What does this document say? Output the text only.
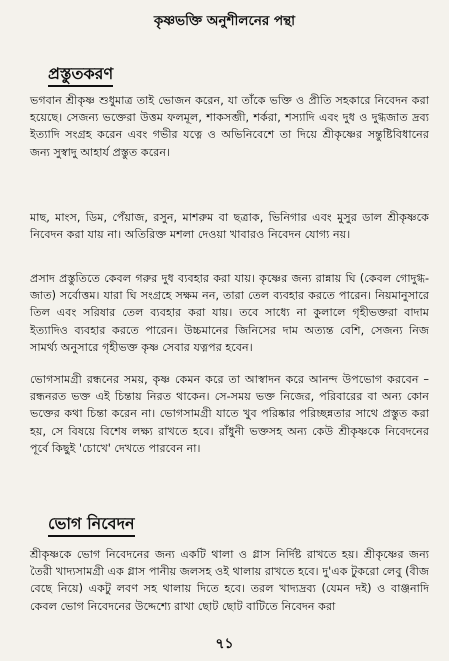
কৃষ্ণভক্তি অনুশীলনের পন্থা
প্রস্তুতকরণ
ভগবান শ্রীকৃষ্ণ শুধুমাত্র তাই ভোজন করেন, যা তাঁকে ভক্তি ও প্রীতি সহকারে নিবেদন করা হয়েছে। সেজন্য ভক্তেরা উত্তম ফলমূল, শাকসব্জী, শর্করা, শস্যাদি এবং দুধ ও দুগ্ধজাত দ্রব্য ইত্যাদি সংগ্রহ করেন এবং গভীর যত্নে ও অভিনিবেশে তা দিয়ে শ্রীকৃষ্ণের সন্তুষ্টিবিধানের জন্য সুস্বাদু আহার্য প্রস্তুত করেন।
মাছ, মাংস, ডিম, পেঁয়াজ, রসুন, মাশরুম বা ছত্রাক, ভিনিগার এবং মুসুর ডাল শ্রীকৃষ্ণকে নিবেদন করা যায় না। অতিরিক্ত মশলা দেওয়া খাবারও নিবেদন যোগ্য নয়।
প্রসাদ প্রস্তুতিতে কেবল গরুর দুধ ব্যবহার করা যায়। কৃষ্ণের জন্য রান্নায় ঘি (কেবল গোদুগ্ধ-জাত) সর্বোত্তম। যারা ঘি সংগ্রহে সক্ষম নন, তারা তেল ব্যবহার করতে পারেন। নিয়মানুসারে তিল এবং সরিষার তেল ব্যবহার করা যায়। তবে সাধ্যে না কুলালে গৃহীভক্তরা বাদাম ইত্যাদিও ব্যবহার করতে পারেন। উচ্চমানের জিনিসের দাম অত্যন্ত বেশি, সেজন্য নিজ সামর্থ্য অনুসারে গৃহীভক্ত কৃষ্ণ সেবার যত্নপর হবেন।
ভোগসামগ্রী রন্ধনের সময়, কৃষ্ণ কেমন করে তা আস্বাদন করে আনন্দ উপভোগ করবেন – রন্ধনরত ভক্ত এই চিন্তায় নিরত থাকেন। সে-সময় ভক্ত নিজের, পরিবারের বা অন্য কোন ভক্তের কথা চিন্তা করেন না। ভোগসামগ্রী যাতে খুব পরিষ্কার পরিচ্ছন্নতার সাথে প্রস্তুত করা হয়, সে বিষয়ে বিশেষ লক্ষ্য রাখতে হবে। রাঁধুনী ভক্তসহ অন্য কেউ শ্রীকৃষ্ণকে নিবেদনের পূর্বে কিছুই 'চোখে' দেখতে পারবেন না।
ভোগ নিবেদন
শ্রীকৃষ্ণকে ভোগ নিবেদনের জন্য একটি থালা ও গ্লাস নির্দিষ্ট রাখতে হয়। শ্রীকৃষ্ণের জন্য তৈরী খাদ্যসামগ্রী এক গ্লাস পানীয় জলসহ ওই থালায় রাখতে হবে। দু'এক টুকরো লেবু (বীজ বেছে নিয়ে) একটু লবণ সহ থালায় দিতে হবে। তরল খাদ্যদ্রব্য (যেমন দই) ও বাঞ্জনাদি কেবল ভোগ নিবেদনের উদ্দেশ্যে রাখা ছোট ছোট বাটিতে নিবেদন করা
৭১
